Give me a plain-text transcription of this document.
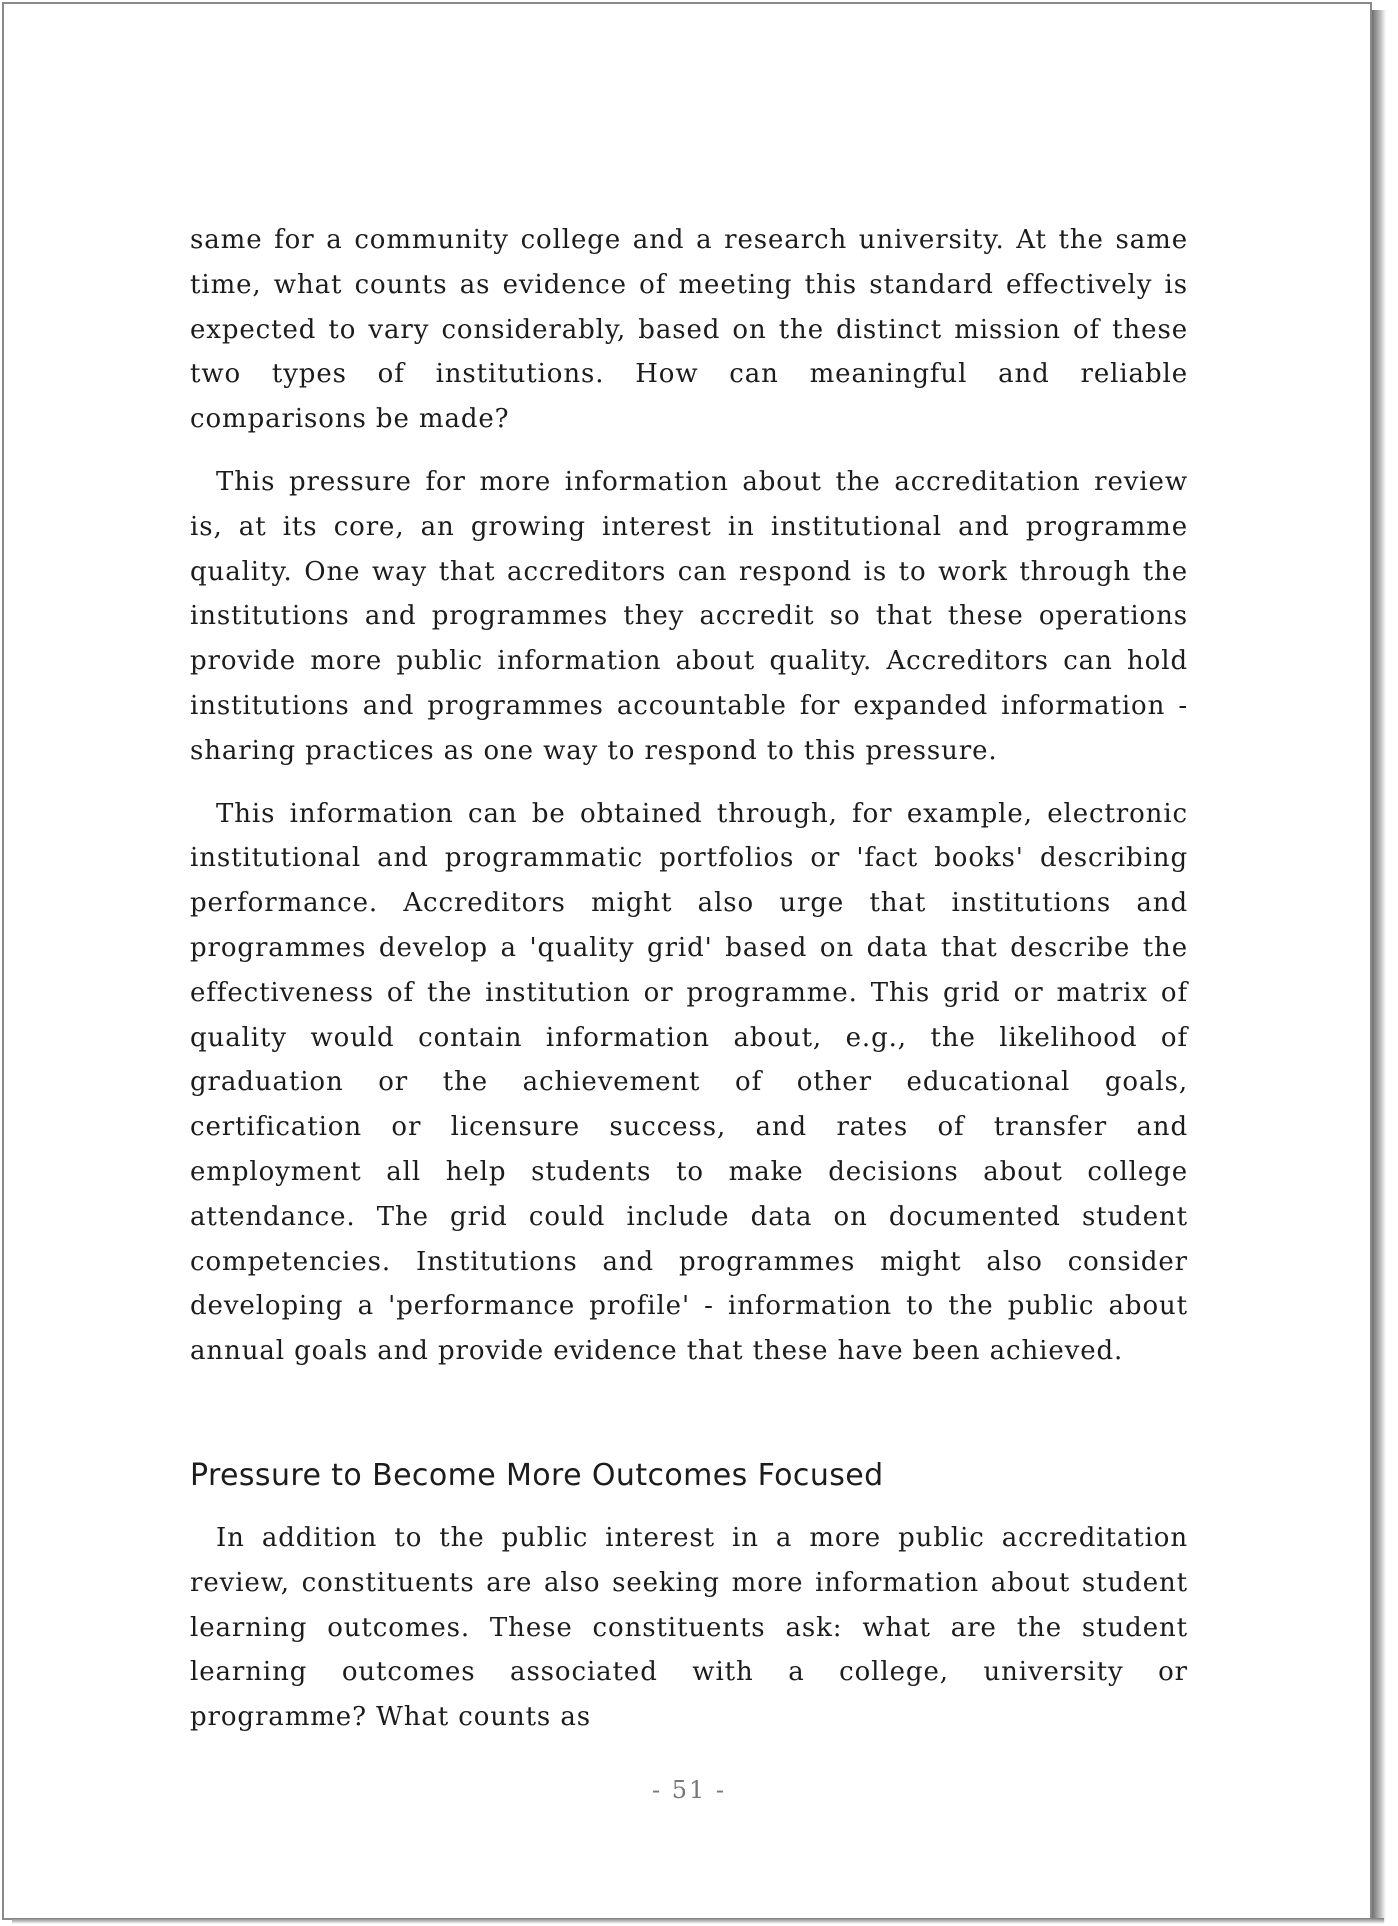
same for a community college and a research university. At the same time, what counts as evidence of meeting this standard effectively is expected to vary considerably, based on the distinct mission of these two types of institutions. How can meaningful and reliable comparisons be made?

This pressure for more information about the accreditation review is, at its core, an growing interest in institutional and programme quality. One way that accreditors can respond is to work through the institutions and programmes they accredit so that these operations provide more public information about quality. Accreditors can hold institutions and programmes accountable for expanded information -sharing practices as one way to respond to this pressure.

This information can be obtained through, for example, electronic institutional and programmatic portfolios or 'fact books' describing performance. Accreditors might also urge that institutions and programmes develop a 'quality grid' based on data that describe the effectiveness of the institution or programme. This grid or matrix of quality would contain information about, e.g., the likelihood of graduation or the achievement of other educational goals, certification or licensure success, and rates of transfer and employment all help students to make decisions about college attendance. The grid could include data on documented student competencies. Institutions and programmes might also consider developing a 'performance profile' - information to the public about annual goals and provide evidence that these have been achieved.

Pressure to Become More Outcomes Focused

In addition to the public interest in a more public accreditation review, constituents are also seeking more information about student learning outcomes. These constituents ask: what are the student learning outcomes associated with a college, university or programme? What counts as

- 51 -
